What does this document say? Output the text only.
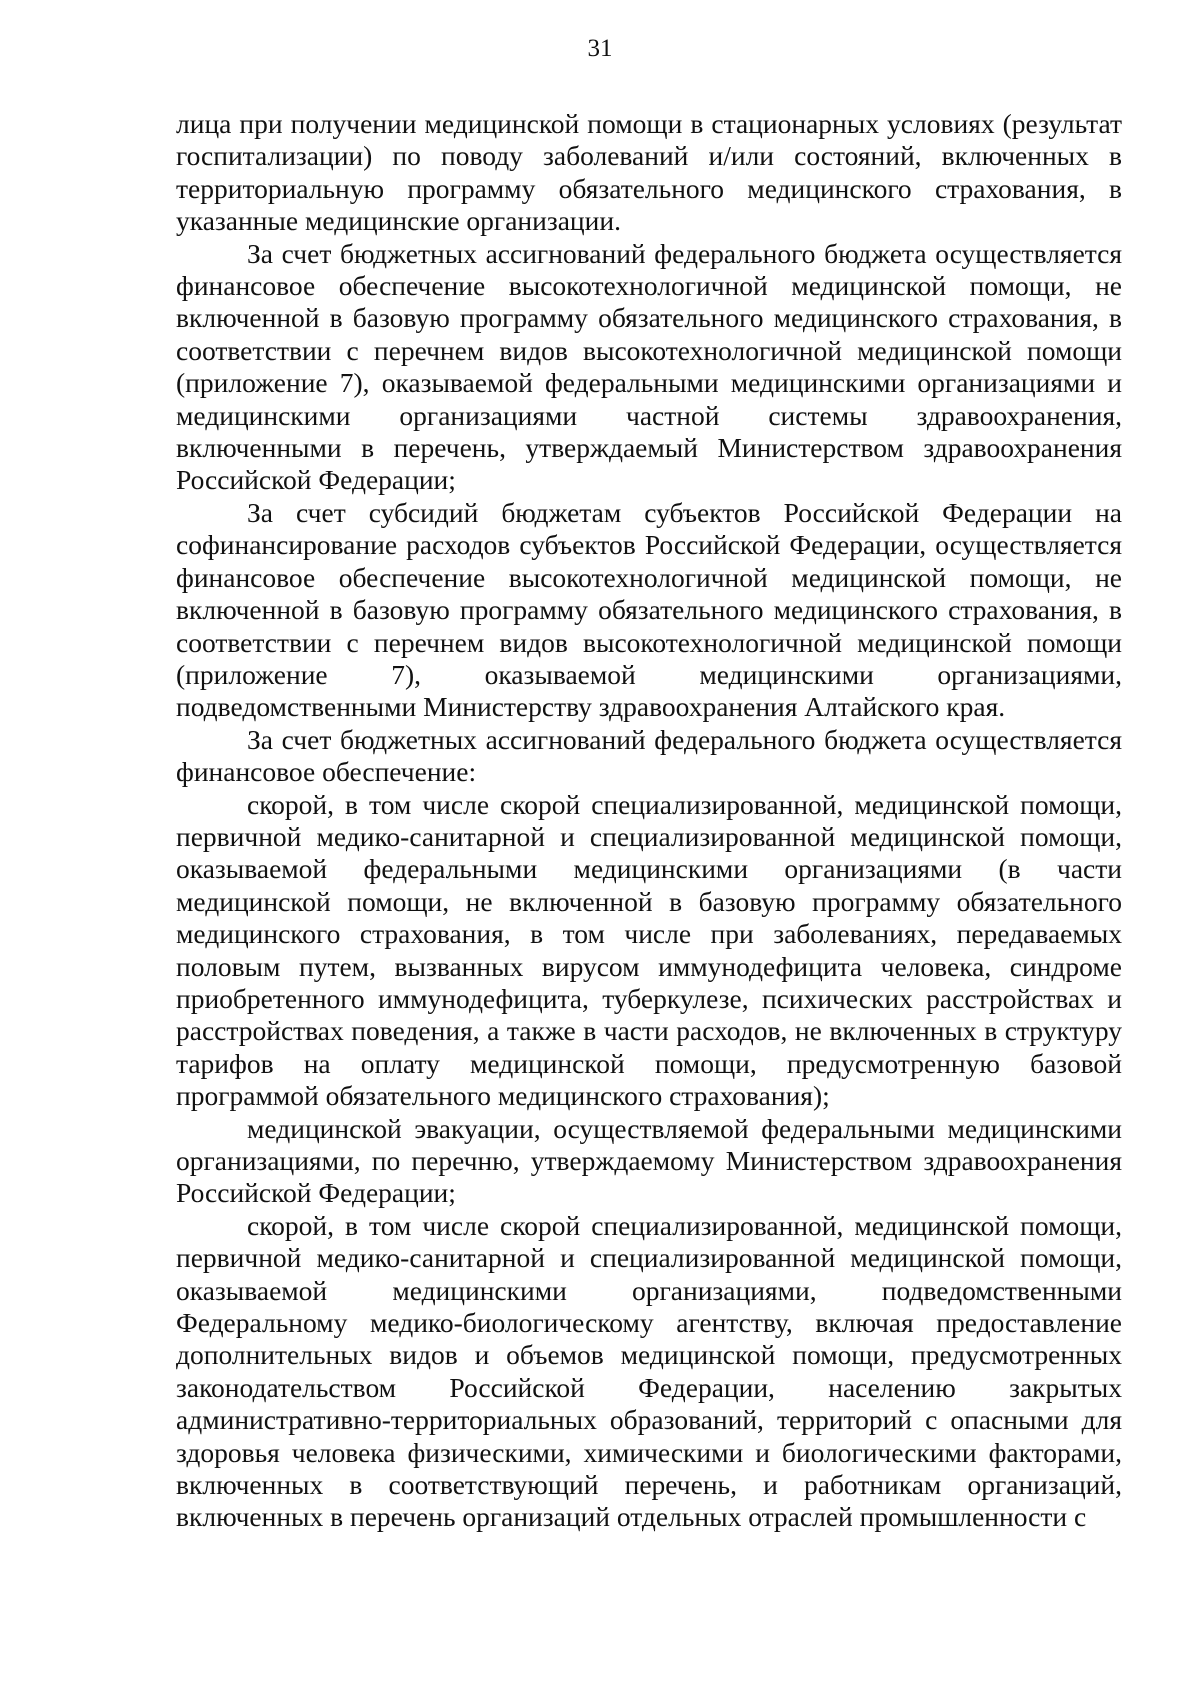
31

лица при получении медицинской помощи в стационарных условиях (результат госпитализации) по поводу заболеваний и/или состояний, включенных в территориальную программу обязательного медицинского страхования, в указанные медицинские организации.

За счет бюджетных ассигнований федерального бюджета осуществляется финансовое обеспечение высокотехнологичной медицинской помощи, не включенной в базовую программу обязательного медицинского страхования, в соответствии с перечнем видов высокотехнологичной медицинской помощи (приложение 7), оказываемой федеральными медицинскими организациями и медицинскими организациями частной системы здравоохранения, включенными в перечень, утверждаемый Министерством здравоохранения Российской Федерации;

За счет субсидий бюджетам субъектов Российской Федерации на софинансирование расходов субъектов Российской Федерации, осуществляется финансовое обеспечение высокотехнологичной медицинской помощи, не включенной в базовую программу обязательного медицинского страхования, в соответствии с перечнем видов высокотехнологичной медицинской помощи (приложение 7), оказываемой медицинскими организациями, подведомственными Министерству здравоохранения Алтайского края.

За счет бюджетных ассигнований федерального бюджета осуществляется финансовое обеспечение:

скорой, в том числе скорой специализированной, медицинской помощи, первичной медико-санитарной и специализированной медицинской помощи, оказываемой федеральными медицинскими организациями (в части медицинской помощи, не включенной в базовую программу обязательного медицинского страхования, в том числе при заболеваниях, передаваемых половым путем, вызванных вирусом иммунодефицита человека, синдроме приобретенного иммунодефицита, туберкулезе, психических расстройствах и расстройствах поведения, а также в части расходов, не включенных в структуру тарифов на оплату медицинской помощи, предусмотренную базовой программой обязательного медицинского страхования);

медицинской эвакуации, осуществляемой федеральными медицинскими организациями, по перечню, утверждаемому Министерством здравоохранения Российской Федерации;

скорой, в том числе скорой специализированной, медицинской помощи, первичной медико-санитарной и специализированной медицинской помощи, оказываемой медицинскими организациями, подведомственными Федеральному медико-биологическому агентству, включая предоставление дополнительных видов и объемов медицинской помощи, предусмотренных законодательством Российской Федерации, населению закрытых административно-территориальных образований, территорий с опасными для здоровья человека физическими, химическими и биологическими факторами, включенных в соответствующий перечень, и работникам организаций, включенных в перечень организаций отдельных отраслей промышленности с
